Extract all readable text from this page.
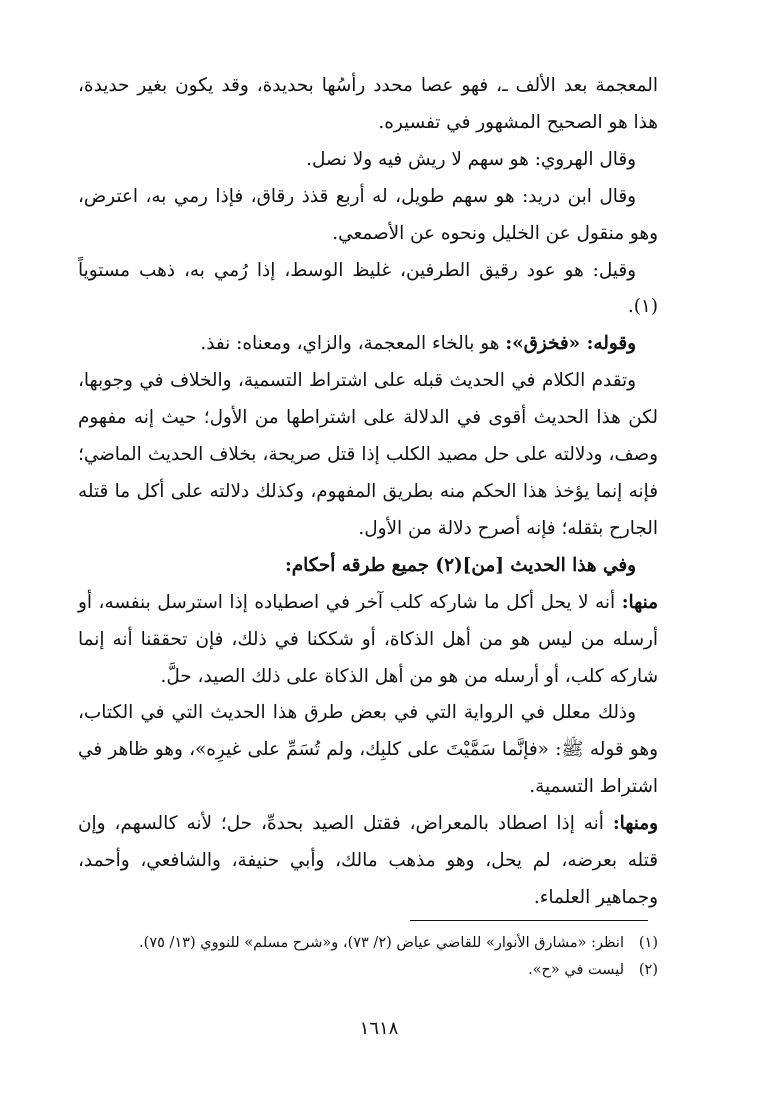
المعجمة بعد الألف ـ، فهو عصا محدد رأسُها بحديدة، وقد يكون بغير حديدة، هذا هو الصحيح المشهور في تفسيره.

وقال الهروي: هو سهم لا ريش فيه ولا نصل.

وقال ابن دريد: هو سهم طويل، له أربع قذذ رقاق، فإذا رمي به، اعترض، وهو منقول عن الخليل ونحوه عن الأصمعي.

وقيل: هو عود رقيق الطرفين، غليظ الوسط، إذا رُمي به، ذهب مستوياً (١).

وقوله: «فخزق»: هو بالخاء المعجمة، والزاي، ومعناه: نفذ.

وتقدم الكلام في الحديث قبله على اشتراط التسمية، والخلاف في وجوبها، لكن هذا الحديث أقوى في الدلالة على اشتراطها من الأول؛ حيث إنه مفهوم وصف، ودلالته على حل مصيد الكلب إذا قتل صريحة، بخلاف الحديث الماضي؛ فإنه إنما يؤخذ هذا الحكم منه بطريق المفهوم، وكذلك دلالته على أكل ما قتله الجارح بثقله؛ فإنه أصرح دلالة من الأول.

وفي هذا الحديث [من](٢) جميع طرقه أحكام:

منها: أنه لا يحل أكل ما شاركه كلب آخر في اصطياده إذا استرسل بنفسه، أو أرسله من ليس هو من أهل الذكاة، أو شككنا في ذلك، فإن تحققنا أنه إنما شاركه كلب، أو أرسله من هو من أهل الذكاة على ذلك الصيد، حلَّ.

وذلك معلل في الرواية التي في بعض طرق هذا الحديث التي في الكتاب، وهو قوله ﷺ: «فإنَّما سَمَّيْتَ على كلبِك، ولم تُسَمِّ على غيرِه»، وهو ظاهر في اشتراط التسمية.

ومنها: أنه إذا اصطاد بالمعراض، فقتل الصيد بحدهِّ، حل؛ لأنه كالسهم، وإن قتله بعرضه، لم يحل، وهو مذهب مالك، وأبي حنيفة، والشافعي، وأحمد، وجماهير العلماء.

(١)انظر: «مشارق الأنوار» للقاضي عياض (٢/ ٧٣)، و«شرح مسلم» للنووي (١٣/ ٧٥).
(٢)ليست في «ح».
١٦١٨
